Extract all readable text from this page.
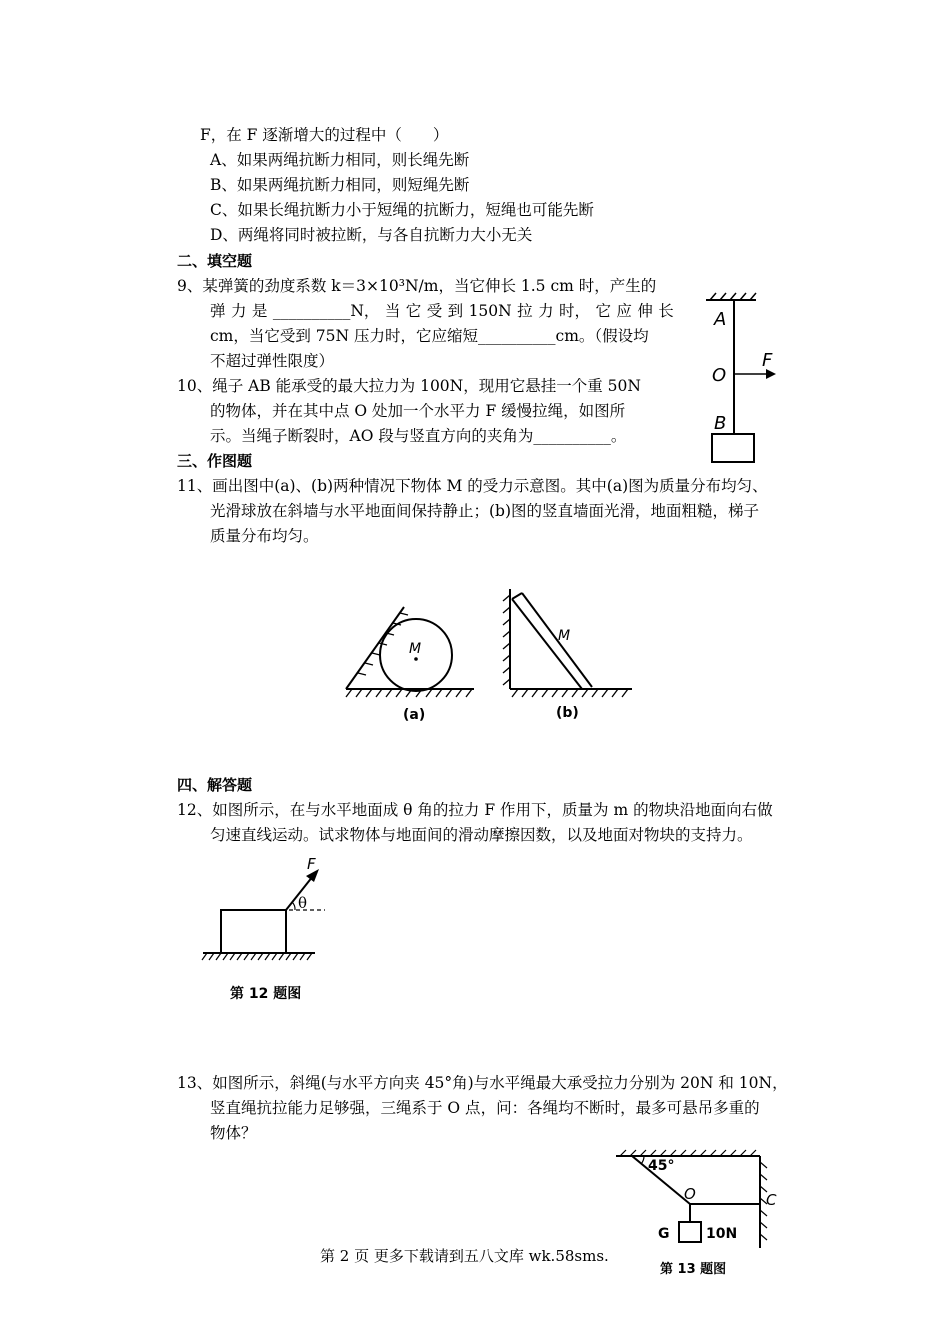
F，在 F 逐渐增大的过程中（　　）
A、如果两绳抗断力相同，则长绳先断
B、如果两绳抗断力相同，则短绳先断
C、如果长绳抗断力小于短绳的抗断力，短绳也可能先断
D、两绳将同时被拉断，与各自抗断力大小无关
二、填空题
9、某弹簧的劲度系数 k＝3×10³N/m，当它伸长 1.5 cm 时，产生的
弹 力 是 __________N， 当 它 受 到 150N 拉 力 时， 它 应 伸 长
cm，当它受到 75N 压力时，它应缩短__________cm。（假设均
不超过弹性限度）
10、绳子 AB 能承受的最大拉力为 100N，现用它悬挂一个重 50N
的物体，并在其中点 O 处加一个水平力 F 缓慢拉绳，如图所
示。当绳子断裂时，AO 段与竖直方向的夹角为__________。
A
O
F
B
三、作图题
11、画出图中(a)、(b)两种情况下物体 M 的受力示意图。其中(a)图为质量分布均匀、
光滑球放在斜墙与水平地面间保持静止；(b)图的竖直墙面光滑，地面粗糙，梯子
质量分布均匀。
M
M
(a)	(b)
四、解答题
12、如图所示，在与水平地面成 θ 角的拉力 F 作用下，质量为 m 的物块沿地面向右做
匀速直线运动。试求物体与地面间的滑动摩擦因数，以及地面对物块的支持力。
F
θ
第 12 题图
13、如图所示，斜绳(与水平方向夹 45°角)与水平绳最大承受拉力分别为 20N 和 10N，
竖直绳抗拉能力足够强，三绳系于 O 点，问：各绳均不断时，最多可悬吊多重的
物体？
45°
O	C
G	10N
第 13 题图
第 2 页 更多下载请到五八文库 wk.58sms.
